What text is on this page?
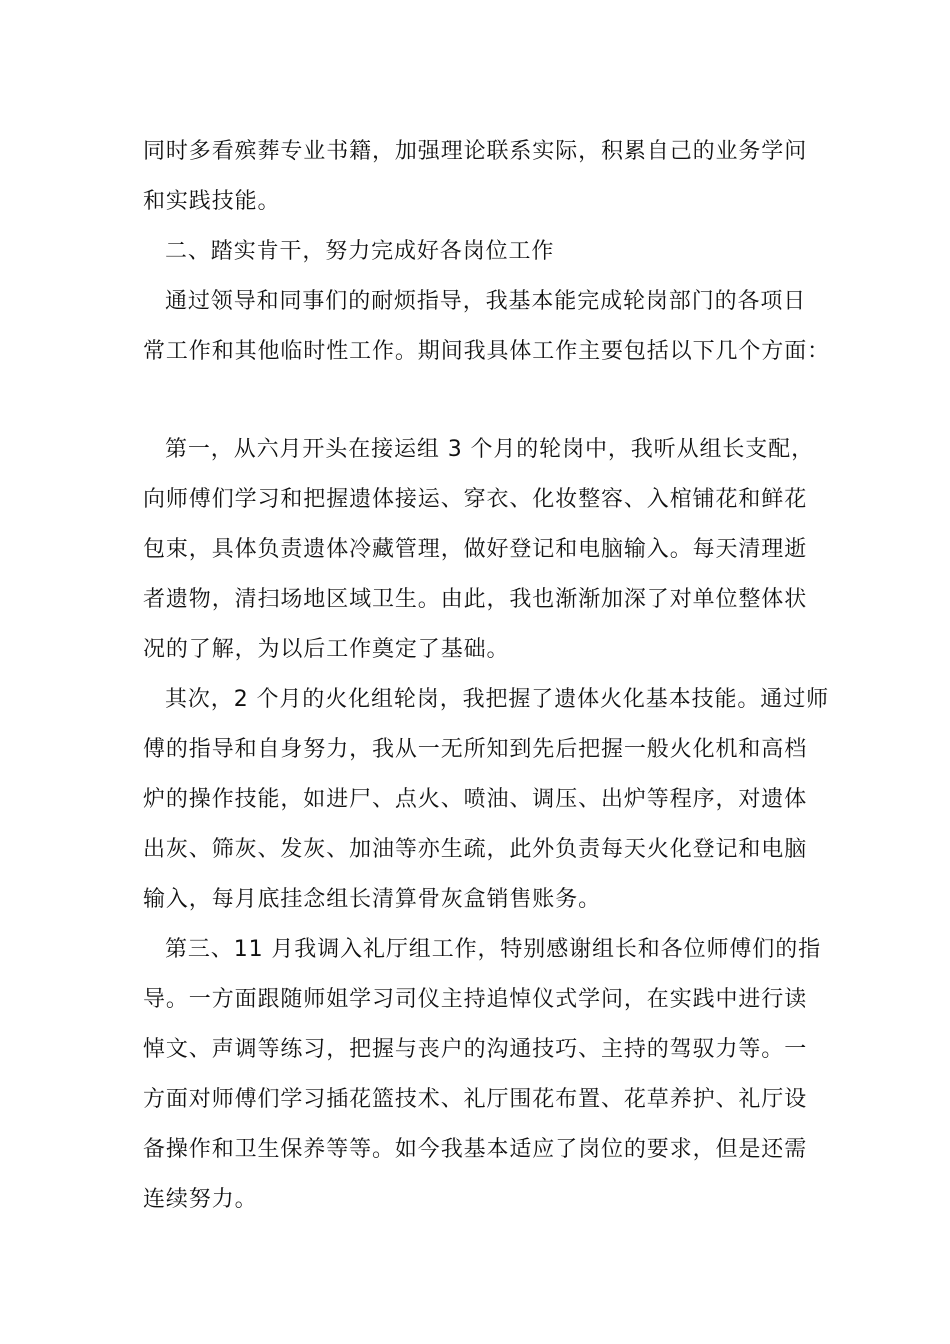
同时多看殡葬专业书籍，加强理论联系实际，积累自己的业务学问
和实践技能。
二、踏实肯干，努力完成好各岗位工作
通过领导和同事们的耐烦指导，我基本能完成轮岗部门的各项日
常工作和其他临时性工作。期间我具体工作主要包括以下几个方面：
第一，从六月开头在接运组 3 个月的轮岗中，我听从组长支配，
向师傅们学习和把握遗体接运、穿衣、化妆整容、入棺铺花和鲜花
包束，具体负责遗体冷藏管理，做好登记和电脑输入。每天清理逝
者遗物，清扫场地区域卫生。由此，我也渐渐加深了对单位整体状
况的了解，为以后工作奠定了基础。
其次，2 个月的火化组轮岗，我把握了遗体火化基本技能。通过师
傅的指导和自身努力，我从一无所知到先后把握一般火化机和高档
炉的操作技能，如进尸、点火、喷油、调压、出炉等程序，对遗体
出灰、筛灰、发灰、加油等亦生疏，此外负责每天火化登记和电脑
输入，每月底挂念组长清算骨灰盒销售账务。
第三、11 月我调入礼厅组工作，特别感谢组长和各位师傅们的指
导。一方面跟随师姐学习司仪主持追悼仪式学问，在实践中进行读
悼文、声调等练习，把握与丧户的沟通技巧、主持的驾驭力等。一
方面对师傅们学习插花篮技术、礼厅围花布置、花草养护、礼厅设
备操作和卫生保养等等。如今我基本适应了岗位的要求，但是还需
连续努力。
